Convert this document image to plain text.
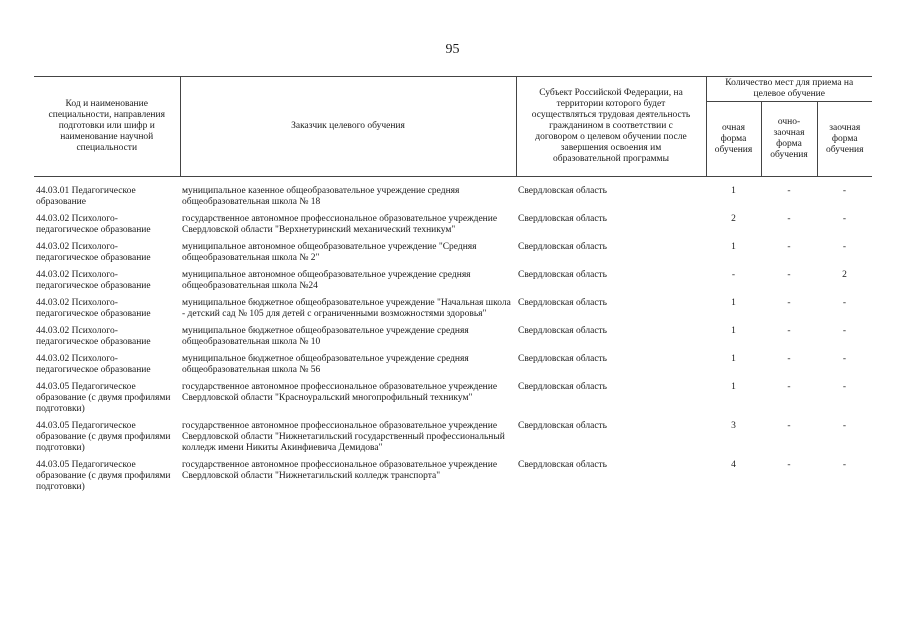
95
Код и наименование специальности, направления подготовки или шифр и наименование научной специальности	Заказчик целевого обучения	Субъект Российской Федерации, на территории которого будет осуществляться трудовая деятельность гражданином в соответствии с договором о целевом обучении после завершения освоения им образовательной программы	Количество мест для приема на целевое обучение		
			очная форма обучения	очно-заочная форма обучения	заочная форма обучения

44.03.01 Педагогическое образование	муниципальное казенное общеобразовательное учреждение средняя общеобразовательная школа № 18	Свердловская область	1	-	-
44.03.02 Психолого-педагогическое образование	государственное автономное профессиональное образовательное учреждение Свердловской области "Верхнетуринский механический техникум"	Свердловская область	2	-	-
44.03.02 Психолого-педагогическое образование	муниципальное автономное общеобразовательное учреждение "Средняя общеобразовательная школа № 2"	Свердловская область	1	-	-
44.03.02 Психолого-педагогическое образование	муниципальное автономное общеобразовательное учреждение средняя общеобразовательная школа №24	Свердловская область	-	-	2
44.03.02 Психолого-педагогическое образование	муниципальное бюджетное общеобразовательное учреждение "Начальная школа - детский сад № 105 для детей с ограниченными возможностями здоровья"	Свердловская область	1	-	-
44.03.02 Психолого-педагогическое образование	муниципальное бюджетное общеобразовательное учреждение средняя общеобразовательная школа № 10	Свердловская область	1	-	-
44.03.02 Психолого-педагогическое образование	муниципальное бюджетное общеобразовательное учреждение средняя общеобразовательная школа № 56	Свердловская область	1	-	-
44.03.05 Педагогическое образование (с двумя профилями подготовки)	государственное автономное профессиональное образовательное учреждение Свердловской области "Красноуральский многопрофильный техникум"	Свердловская область	1	-	-
44.03.05 Педагогическое образование (с двумя профилями подготовки)	государственное автономное профессиональное образовательное учреждение Свердловской области "Нижнетагильский государственный профессиональный колледж имени Никиты Акинфиевича Демидова"	Свердловская область	3	-	-
44.03.05 Педагогическое образование (с двумя профилями подготовки)	государственное автономное профессиональное образовательное учреждение Свердловской области "Нижнетагильский колледж транспорта"	Свердловская область	4	-	-
